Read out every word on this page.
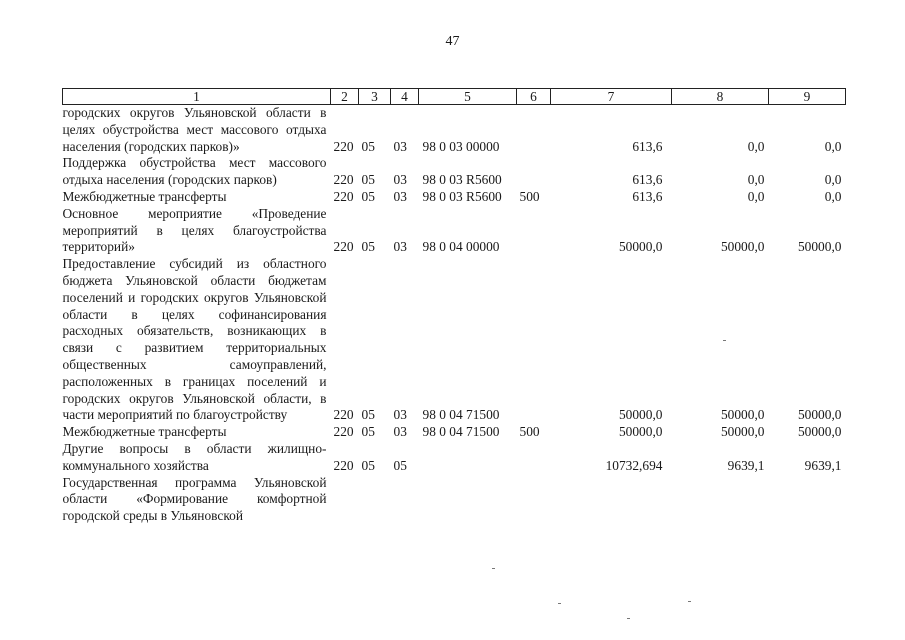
47
1	2	3	4	5	6	7	8	9
городских округов Ульяновской области в целях обустройства мест массового отдыха населения (городских парков)»	220	05	03	98 0 03 00000		613,6	0,0	0,0
Поддержка обустройства мест массового отдыха населения (городских парков)	220	05	03	98 0 03 R5600		613,6	0,0	0,0
Межбюджетные трансферты	220	05	03	98 0 03 R5600	500	613,6	0,0	0,0
Основное мероприятие «Проведение мероприятий в целях благоустройства территорий»	220	05	03	98 0 04 00000		50000,0	50000,0	50000,0
Предоставление субсидий из областного бюджета Ульяновской области бюджетам поселений и городских округов Ульяновской области в целях софинансирования расходных обязательств, возникающих в связи с развитием территориальных общественных самоуправлений, расположенных в границах поселений и городских округов Ульяновской области, в части мероприятий по благоустройству	220	05	03	98 0 04 71500		50000,0	50000,0	50000,0
Межбюджетные трансферты	220	05	03	98 0 04 71500	500	50000,0	50000,0	50000,0
Другие вопросы в области жилищно-коммунального хозяйства	220	05	05			10732,694	9639,1	9639,1
Государственная программа Ульяновской области «Формирование комфортной городской среды в Ульяновской								
